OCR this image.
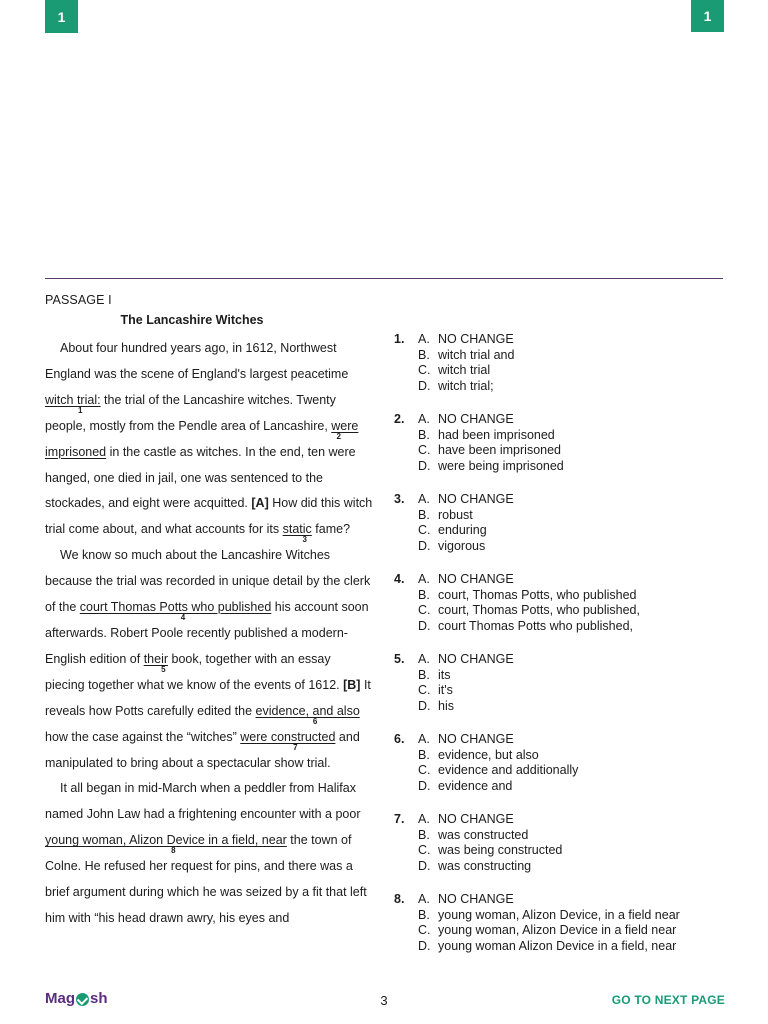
1	1
PASSAGE I
The Lancashire Witches

About four hundred years ago, in 1612, Northwest England was the scene of England's largest peacetime witch trial:
1
the trial of the Lancashire witches. Twenty people, mostly from the Pendle area of Lancashire, were imprisoned
2
in the castle as witches. In the end, ten were hanged, one died in jail, one was sentenced to the stockades, and eight were acquitted. [A] How did this witch trial come about, and what accounts for its static
3
fame?

We know so much about the Lancashire Witches because the trial was recorded in unique detail by the clerk of the court Thomas Potts who published
4
his account soon afterwards. Robert Poole recently published a modern-English edition of their
5
book, together with an essay piecing together what we know of the events of 1612. [B] It reveals how Potts carefully edited the evidence, and also
6
how the case against the “witches” were constructed
7
and manipulated to bring about a spectacular show trial.

It all began in mid-March when a peddler from Halifax named John Law had a frightening encounter with a poor young woman, Alizon Device in a field, near
8
the town of Colne. He refused her request for pins, and there was a brief argument during which he was seized by a fit that left him with “his head drawn awry, his eyes and

1.	A. NO CHANGE
B. witch trial and
C. witch trial
D. witch trial;
2.	A. NO CHANGE
B. had been imprisoned
C. have been imprisoned
D. were being imprisoned
3.	A. NO CHANGE
B. robust
C. enduring
D. vigorous
4.	A. NO CHANGE
B. court, Thomas Potts, who published
C. court, Thomas Potts, who published,
D. court Thomas Potts who published,
5.	A. NO CHANGE
B. its
C. it's
D. his
6.	A. NO CHANGE
B. evidence, but also
C. evidence and additionally
D. evidence and
7.	A. NO CHANGE
B. was constructed
C. was being constructed
D. was constructing
8.	A. NO CHANGE
B. young woman, Alizon Device, in a field near
C. young woman, Alizon Device in a field near
D. young woman Alizon Device in a field, near
Mag sh	3	GO TO NEXT PAGE
